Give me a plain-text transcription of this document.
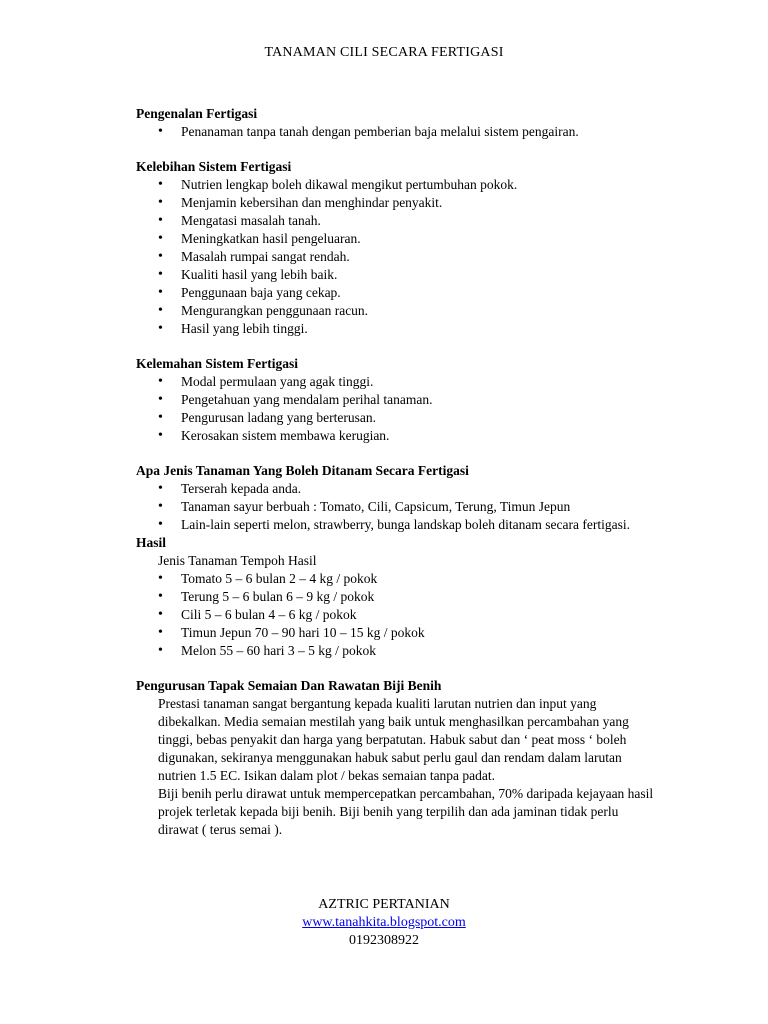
TANAMAN CILI SECARA FERTIGASI
Pengenalan Fertigasi
• Penanaman tanpa tanah dengan pemberian baja melalui sistem pengairan.
Kelebihan Sistem Fertigasi
• Nutrien lengkap boleh dikawal mengikut pertumbuhan pokok.
• Menjamin kebersihan dan menghindar penyakit.
• Mengatasi masalah tanah.
• Meningkatkan hasil pengeluaran.
• Masalah rumpai sangat rendah.
• Kualiti hasil yang lebih baik.
• Penggunaan baja yang cekap.
• Mengurangkan penggunaan racun.
• Hasil yang lebih tinggi.
Kelemahan Sistem Fertigasi
• Modal permulaan yang agak tinggi.
• Pengetahuan yang mendalam perihal tanaman.
• Pengurusan ladang yang berterusan.
• Kerosakan sistem membawa kerugian.
Apa Jenis Tanaman Yang Boleh Ditanam Secara Fertigasi
• Terserah kepada anda.
• Tanaman sayur berbuah : Tomato, Cili, Capsicum, Terung, Timun Jepun
• Lain-lain seperti melon, strawberry, bunga landskap boleh ditanam secara fertigasi.
Hasil
Jenis Tanaman Tempoh Hasil
• Tomato 5 – 6 bulan 2 – 4 kg / pokok
• Terung 5 – 6 bulan 6 – 9 kg / pokok
• Cili 5 – 6 bulan 4 – 6 kg / pokok
• Timun Jepun 70 – 90 hari 10 – 15 kg / pokok
• Melon 55 – 60 hari 3 – 5 kg / pokok
Pengurusan Tapak Semaian Dan Rawatan Biji Benih
Prestasi tanaman sangat bergantung kepada kualiti larutan nutrien dan input yang dibekalkan. Media semaian mestilah yang baik untuk menghasilkan percambahan yang tinggi, bebas penyakit dan harga yang berpatutan. Habuk sabut dan ‘ peat moss ‘ boleh digunakan, sekiranya menggunakan habuk sabut perlu gaul dan rendam dalam larutan nutrien 1.5 EC. Isikan dalam plot / bekas semaian tanpa padat.
Biji benih perlu dirawat untuk mempercepatkan percambahan, 70% daripada kejayaan hasil projek terletak kepada biji benih. Biji benih yang terpilih dan ada jaminan tidak perlu dirawat ( terus semai ).
AZTRIC PERTANIAN
www.tanahkita.blogspot.com
0192308922
